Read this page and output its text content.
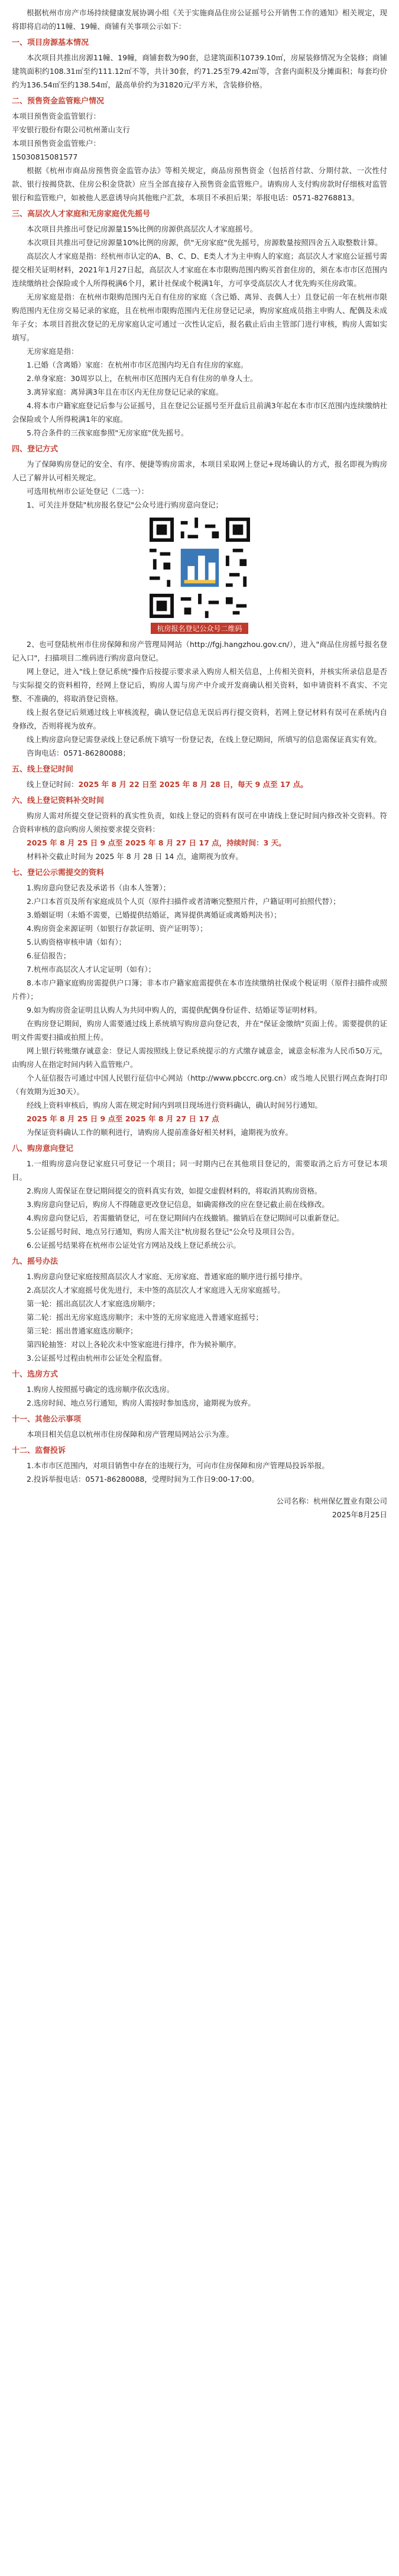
根据杭州市房产市场持续健康发展协调小组《关于实施商品住房公证摇号公开销售工作的通知》相关规定，现将即将启动的11幢、19幢、商铺有关事项公示如下：

一、项目房源基本情况

本次项目共推出房源11幢、19幢，商铺套数为90套，总建筑面积10739.10㎡，房屋装修情况为全装修；商铺建筑面积约108.31㎡至约111.12㎡不等，共计30套，约71.25至79.42㎡等，含套内面积及分摊面积；每套均价约为136.54㎡至约138.54㎡，最高单价约为31820元/平方米，含装修价格。

二、预售资金监管账户情况

本项目预售资金监管银行：

平安银行股份有限公司杭州萧山支行

本项目预售资金监管账户：

15030815081577

根据《杭州市商品房预售资金监管办法》等相关规定，商品房预售资金（包括首付款、分期付款、一次性付款、银行按揭贷款、住房公积金贷款）应当全部直接存入预售资金监管账户。请购房人支付购房款时仔细核对监管银行和监管账户，如被他人恶意诱导向其他账户汇款，本项目不承担后果；举报电话：0571-82768813。

三、高层次人才家庭和无房家庭优先摇号

本次项目共推出可登记房源量15%比例的房源供高层次人才家庭摇号。

本次项目共推出可登记房源量10%比例的房源，供"无房家庭"优先摇号，房源数量按照四舍五入取整数计算。

高层次人才家庭是指：经杭州市认定的A、B、C、D、E类人才为主申购人的家庭；高层次人才家庭公证摇号需提交相关证明材料，2021年1月27日起，高层次人才家庭在本市限购范围内购买首套住房的，须在本市市区范围内连续缴纳社会保险或个人所得税满6个月，累计社保或个税满1年，方可享受高层次人才优先购买住房政策。

无房家庭是指：在杭州市限购范围内无自有住房的家庭（含已婚、离异、丧偶人士）且登记前一年在杭州市限购范围内无住房交易记录的家庭，且在杭州市限购范围内无住房登记记录，购房家庭成员指主申购人、配偶及未成年子女；本项目首批次登记的无房家庭认定可通过一次性认定后，报名截止后由主管部门进行审核，购房人需如实填写。

无房家庭是指：

1.已婚（含离婚）家庭：在杭州市市区范围内均无自有住房的家庭。

2.单身家庭：30周岁以上，在杭州市区范围内无自有住房的单身人士。

3.离异家庭：离异满3年且在市区内无住房登记记录的家庭。

4.将本市户籍家庭登记后参与公证摇号，且在登记公证摇号至开盘后且前满3年起在本市市区范围内连续缴纳社会保险或个人所得税满1年的家庭。

5.符合条件的三孩家庭参照"无房家庭"优先摇号。

四、登记方式

为了保障购房登记的安全、有序、便捷等购房需求，本项目采取网上登记+现场确认的方式，报名即视为购房人已了解并认可相关规定。

可选用杭州市公证处登记（二选一）：

1、可关注并登陆"杭房报名登记"公众号进行购房意向登记；

杭房报名登记公众号二维码

2、也可登陆杭州市住房保障和房产管理局网站（http://fgj.hangzhou.gov.cn/），进入"商品住房摇号报名登记入口"，扫描项目二维码进行购房意向登记。

网上登记，进入"线上登记系统"操作后按提示要求录入购房人相关信息，上传相关资料，并核实所录信息是否与实际提交的资料相符，经网上登记后，购房人需与房产中介或开发商确认相关资料，如申请资料不真实、不完整、不准确的，将取消登记资格。

线上报名登记后须通过线上审核流程，确认登记信息无误后再行提交资料，若网上登记材料有误可在系统内自身修改，否则将视为放弃。

线上购房意向登记需登录线上登记系统下填写一份登记表，在线上登记期间，所填写的信息需保证真实有效。

咨询电话：0571-86280088；

五、线上登记时间

线上登记时间：2025 年 8 月 22 日至 2025 年 8 月 28 日，每天 9 点至 17 点。

六、线上登记资料补交时间

购房人需对所提交登记资料的真实性负责，如线上登记的资料有误可在申请线上登记时间内修改补交资料。符合资料审核的意向购房人须按要求提交资料：

2025 年 8 月 25 日 9 点至 2025 年 8 月 27 日 17 点，持续时间：3 天。

材料补交截止时间为 2025 年 8 月 28 日 14 点，逾期视为放弃。

七、登记公示需提交的资料

1.购房意向登记表及承诺书（由本人签署）；

2.户口本首页及所有家庭成员个人页（原件扫描件或者清晰完整照片件，户籍证明可拍照代替）；

3.婚姻证明（未婚不需要，已婚提供结婚证，离异提供离婚证或离婚判决书）；

4.购房资金来源证明（如银行存款证明、资产证明等）；

5.认购资格审核申请（如有）；

6.征信报告；

7.杭州市高层次人才认定证明（如有）；

8.本市户籍家庭购房需提供户口簿；非本市户籍家庭需提供在本市连续缴纳社保或个税证明（原件扫描件或照片件）；

9.如为购房资金证明且认购人为共同申购人的，需提供配偶身份证件、结婚证等证明材料。

在购房登记期间，购房人需要通过线上系统填写购房意向登记表，并在"保证金缴纳"页面上传。需要提供的证明文件需要扫描或拍照上传。

网上银行转账缴存诚意金：登记人需按照线上登记系统提示的方式缴存诚意金，诚意金标准为人民币50万元，由购房人在指定时间内转入监管账户。

个人征信报告可通过中国人民银行征信中心网站（http://www.pbccrc.org.cn）或当地人民银行网点查询打印（有效期为近30天）。

经线上资料审核后，购房人需在规定时间内到项目现场进行资料确认，确认时间另行通知。

2025 年 8 月 25 日 9 点至 2025 年 8 月 27 日 17 点

为保证资料确认工作的顺利进行，请购房人提前准备好相关材料，逾期视为放弃。

八、购房意向登记

1.一组购房意向登记家庭只可登记一个项目；同一时期内已在其他项目登记的，需要取消之后方可登记本项目。

2.购房人需保证在登记期间提交的资料真实有效，如提交虚假材料的，将取消其购房资格。

3.购房意向登记后，购房人不得随意更改登记信息，如确需修改的应在登记截止前在线修改。

4.购房意向登记后，若需撤销登记，可在登记期间内在线撤销。撤销后在登记期间可以重新登记。

5.公证摇号时间、地点另行通知，购房人需关注"杭房报名登记"公众号及项目公告。

6.公证摇号结果将在杭州市公证处官方网站及线上登记系统公示。

九、摇号办法

1.购房意向登记家庭按照高层次人才家庭、无房家庭、普通家庭的顺序进行摇号排序。

2.高层次人才家庭摇号优先进行，未中签的高层次人才家庭进入无房家庭摇号。

第一轮：摇出高层次人才家庭选房顺序；

第二轮：摇出无房家庭选房顺序；未中签的无房家庭进入普通家庭摇号；

第三轮：摇出普通家庭选房顺序；

第四轮抽签：对以上各轮次未中签家庭进行排序，作为候补顺序。

3.公证摇号过程由杭州市公证处全程监督。

十、选房方式

1.购房人按照摇号确定的选房顺序依次选房。

2.选房时间、地点另行通知，购房人需按时参加选房，逾期视为放弃。

十一、其他公示事项

本项目相关信息以杭州市住房保障和房产管理局网站公示为准。

十二、监督投诉

1.本市市区范围内，对项目销售中存在的违规行为，可向市住房保障和房产管理局投诉举报。

2.投诉举报电话：0571-86280088，受理时间为工作日9:00-17:00。

公司名称：杭州保亿置业有限公司
2025年8月25日
